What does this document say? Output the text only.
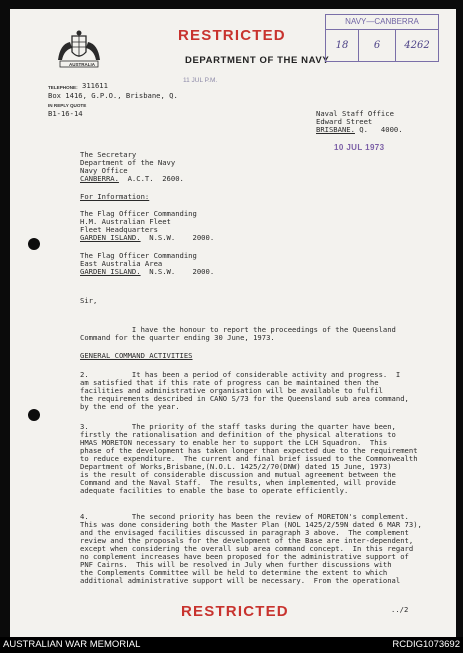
AUSTRALIA
RESTRICTED
DEPARTMENT OF THE NAVY
NAVY—CANBERRA
18	6	4262
TELEPHONE: 311611
Box 1416, G.P.O., Brisbane, Q.
IN REPLY QUOTE
B1-16-14
11 JUL P.M.
Naval Staff Office
Edward Street
BRISBANE. Q.   4000.
10 JUL 1973
The Secretary
Department of the Navy
Navy Office
CANBERRA.  A.C.T.  2600.
For Information:
The Flag Officer Commanding
H.M. Australian Fleet
Fleet Headquarters
GARDEN ISLAND.  N.S.W.    2000.
The Flag Officer Commanding
East Australia Area
GARDEN ISLAND.  N.S.W.    2000.
Sir,
I have the honour to report the proceedings of the Queensland
Command for the quarter ending 30 June, 1973.
GENERAL COMMAND ACTIVITIES
2.          It has been a period of considerable activity and progress.  I
am satisfied that if this rate of progress can be maintained then the
facilities and administrative organisation will be available to fulfil
the requirements described in CANO S/73 for the Queensland sub area command,
by the end of the year.
3.          The priority of the staff tasks during the quarter have been,
firstly the rationalisation and definition of the physical alterations to
HMAS MORETON necessary to enable her to support the LCH Squadron.  This
phase of the development has taken longer than expected due to the requirement
to reduce expenditure.  The current and final brief issued to the Commonwealth
Department of Works,Brisbane,(N.O.L. 1425/2/70(DNW) dated 15 June, 1973)
is the result of considerable discussion and mutual agreement between the
Command and the Naval Staff.  The results, when implemented, will provide
adequate facilities to enable the base to operate efficiently.
4.          The second priority has been the review of MORETON's complement.
This was done considering both the Master Plan (NOL 1425/2/59N dated 6 MAR 73),
and the envisaged facilities discussed in paragraph 3 above.  The complement
review and the proposals for the development of the Base are inter-dependent,
except when considering the overall sub area command concept.  In this regard
no complement increases have been proposed for the administrative support of
PNF Cairns.  This will be resolved in July when further discussions with
the Complements Committee will be held to determine the extent to which
additional administrative support will be necessary.  From the operational
RESTRICTED	../2
AUSTRALIAN WAR MEMORIAL	RCDIG1073692
